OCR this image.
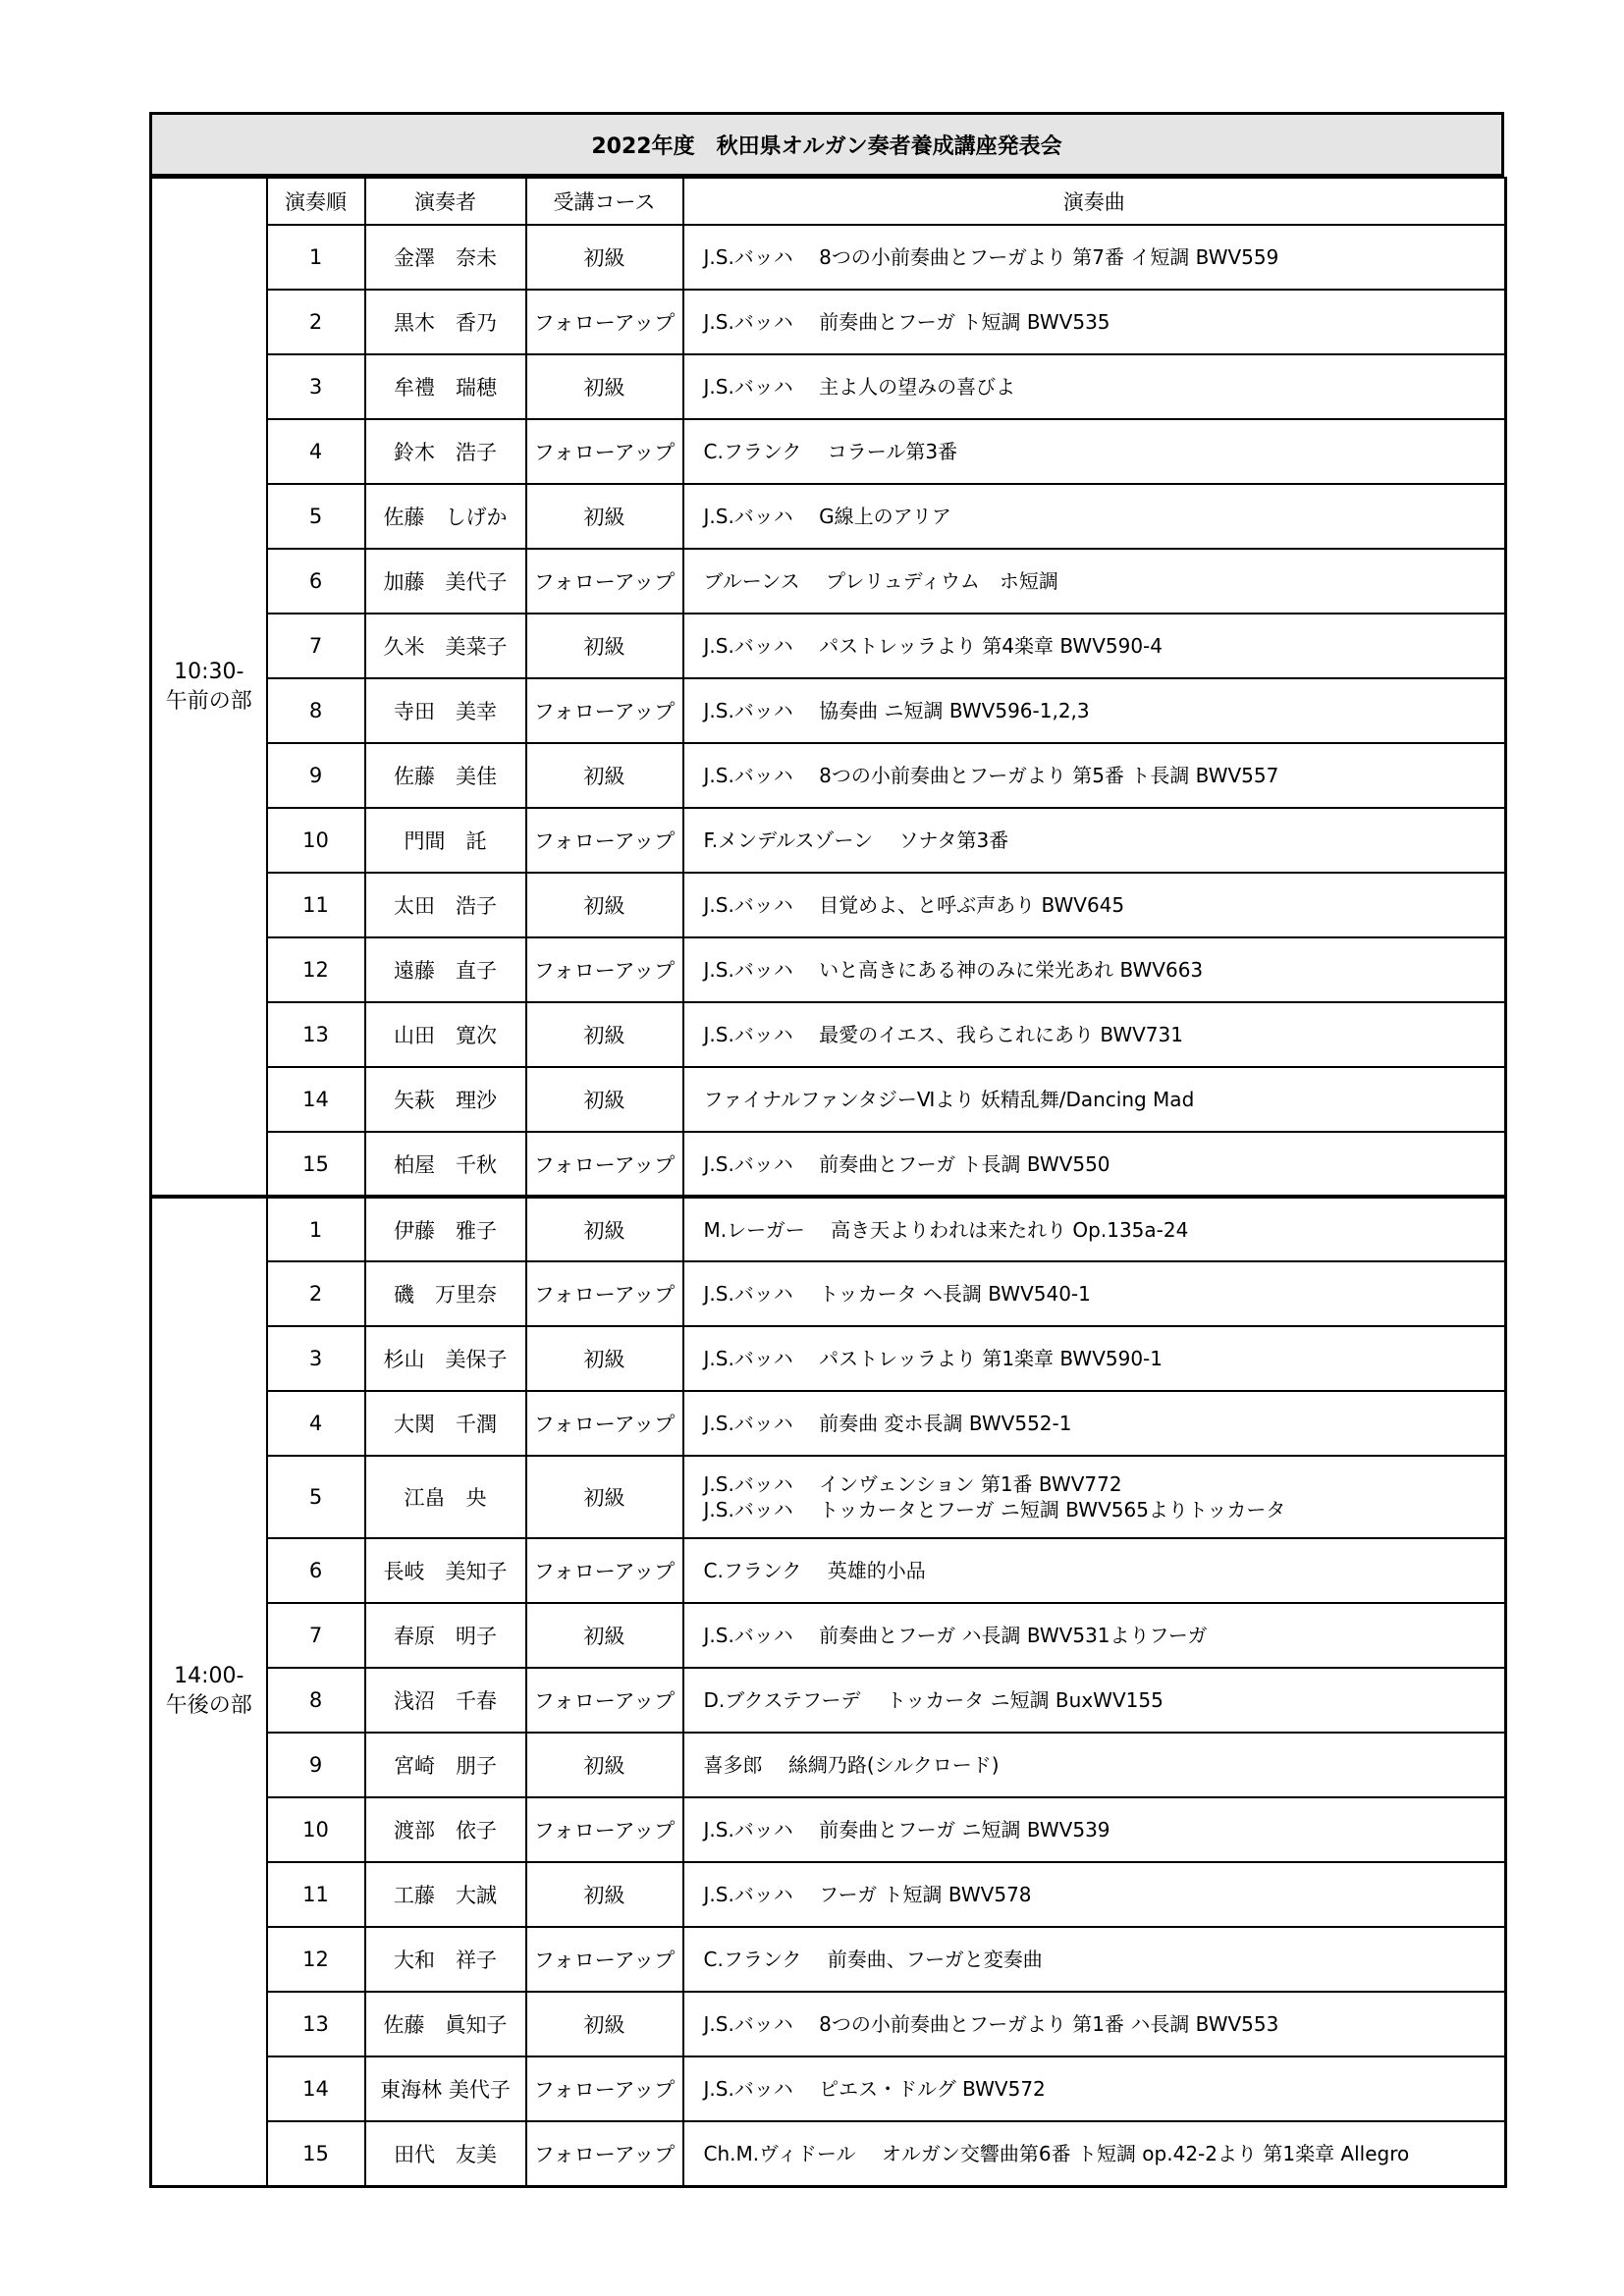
2022年度　秋田県オルガン奏者養成講座発表会
10:30-
午前の部	演奏順	演奏者	受講コース	演奏曲
	1	金澤　奈未	初級	J.S.バッハ　 8つの小前奏曲とフーガより 第7番 イ短調 BWV559
	2	黒木　香乃	フォローアップ	J.S.バッハ　 前奏曲とフーガ ト短調 BWV535
	3	牟禮　瑞穂	初級	J.S.バッハ　 主よ人の望みの喜びよ
	4	鈴木　浩子	フォローアップ	C.フランク　 コラール第3番
	5	佐藤　しげか	初級	J.S.バッハ　 G線上のアリア
	6	加藤　美代子	フォローアップ	ブルーンス　 プレリュディウム　ホ短調
	7	久米　美菜子	初級	J.S.バッハ　 パストレッラより 第4楽章 BWV590-4
	8	寺田　美幸	フォローアップ	J.S.バッハ　 協奏曲 ニ短調 BWV596-1,2,3
	9	佐藤　美佳	初級	J.S.バッハ　 8つの小前奏曲とフーガより 第5番 ト長調 BWV557
	10	門間　託	フォローアップ	F.メンデルスゾーン　 ソナタ第3番
	11	太田　浩子	初級	J.S.バッハ　 目覚めよ、と呼ぶ声あり BWV645
	12	遠藤　直子	フォローアップ	J.S.バッハ　 いと高きにある神のみに栄光あれ BWV663
	13	山田　寛次	初級	J.S.バッハ　 最愛のイエス、我らこれにあり BWV731
	14	矢萩　理沙	初級	ファイナルファンタジーⅥより 妖精乱舞/Dancing Mad
	15	柏屋　千秋	フォローアップ	J.S.バッハ　 前奏曲とフーガ ト長調 BWV550
14:00-
午後の部	1	伊藤　雅子	初級	M.レーガー　 高き天よりわれは来たれり Op.135a-24
	2	磯　万里奈	フォローアップ	J.S.バッハ　 トッカータ ヘ長調 BWV540-1
	3	杉山　美保子	初級	J.S.バッハ　 パストレッラより 第1楽章 BWV590-1
	4	大関　千潤	フォローアップ	J.S.バッハ　 前奏曲 変ホ長調 BWV552-1
	5	江畠　央	初級	J.S.バッハ　 インヴェンション 第1番 BWV772
J.S.バッハ　 トッカータとフーガ ニ短調 BWV565よりトッカータ
	6	長岐　美知子	フォローアップ	C.フランク　 英雄的小品
	7	春原　明子	初級	J.S.バッハ　 前奏曲とフーガ ハ長調 BWV531よりフーガ
	8	浅沼　千春	フォローアップ	D.ブクステフーデ　 トッカータ ニ短調 BuxWV155
	9	宮崎　朋子	初級	喜多郎　 絲綢乃路(シルクロード)
	10	渡部　依子	フォローアップ	J.S.バッハ　 前奏曲とフーガ ニ短調 BWV539
	11	工藤　大誠	初級	J.S.バッハ　 フーガ ト短調 BWV578
	12	大和　祥子	フォローアップ	C.フランク　 前奏曲、フーガと変奏曲
	13	佐藤　眞知子	初級	J.S.バッハ　 8つの小前奏曲とフーガより 第1番 ハ長調 BWV553
	14	東海林 美代子	フォローアップ	J.S.バッハ　 ピエス・ドルグ BWV572
	15	田代　友美	フォローアップ	Ch.M.ヴィドール　 オルガン交響曲第6番 ト短調 op.42-2より 第1楽章 Allegro
